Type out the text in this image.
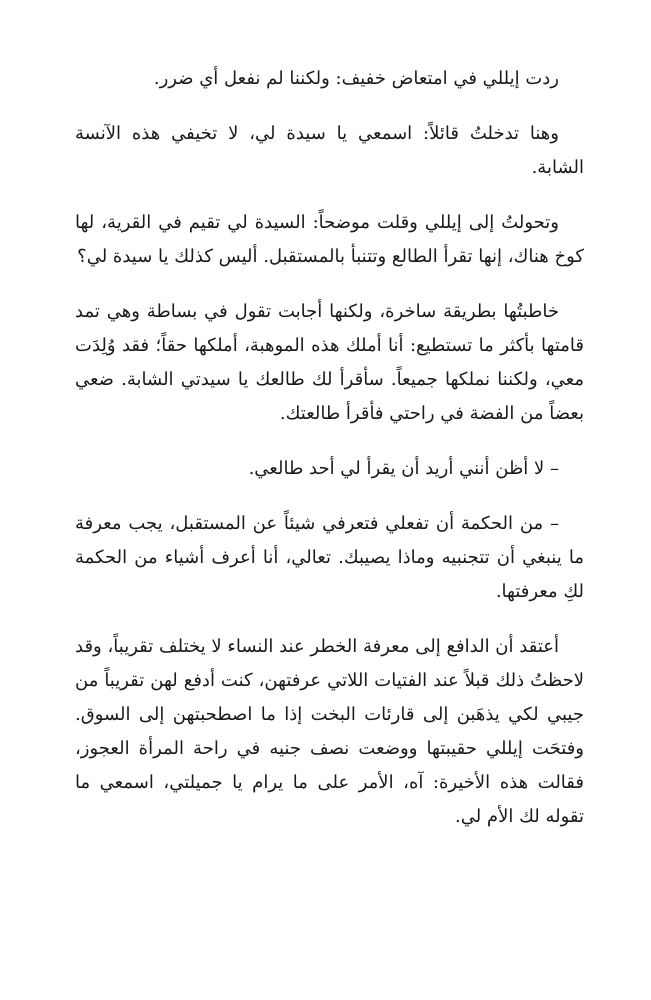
ردت إيللي في امتعاض خفيف: ولكننا لم نفعل أي ضرر.

وهنا تدخلتُ قائلاً: اسمعي يا سيدة لي، لا تخيفي هذه الآنسة الشابة.

وتحولتُ إلى إيللي وقلت موضحاً: السيدة لي تقيم في القرية، لها كوخ هناك، إنها تقرأ الطالع وتتنبأ بالمستقبل. أليس كذلك يا سيدة لي؟

خاطبتُها بطريقة ساخرة، ولكنها أجابت تقول في بساطة وهي تمد قامتها بأكثر ما تستطيع: أنا أملك هذه الموهبة، أملكها حقاً؛ فقد وُلِدَت معي، ولكننا نملكها جميعاً. سأقرأ لك طالعك يا سيدتي الشابة. ضعي بعضاً من الفضة في راحتي فأقرأ طالعتك.

– لا أظن أنني أريد أن يقرأ لي أحد طالعي.

– من الحكمة أن تفعلي فتعرفي شيئاً عن المستقبل، يجب معرفة ما ينبغي أن تتجنبيه وماذا يصيبك. تعالي، أنا أعرف أشياء من الحكمة لكِ معرفتها.

أعتقد أن الدافع إلى معرفة الخطر عند النساء لا يختلف تقريباً، وقد لاحظتُ ذلك قبلاً عند الفتيات اللاتي عرفتهن، كنت أدفع لهن تقريباً من جيبي لكي يذهَبن إلى قارئات البخت إذا ما اصطحبتهن إلى السوق. وفتحَت إيللي حقيبتها ووضعت نصف جنيه في راحة المرأة العجوز، فقالت هذه الأخيرة: آه، الأمر على ما يرام يا جميلتي، اسمعي ما تقوله لك الأم لي.
